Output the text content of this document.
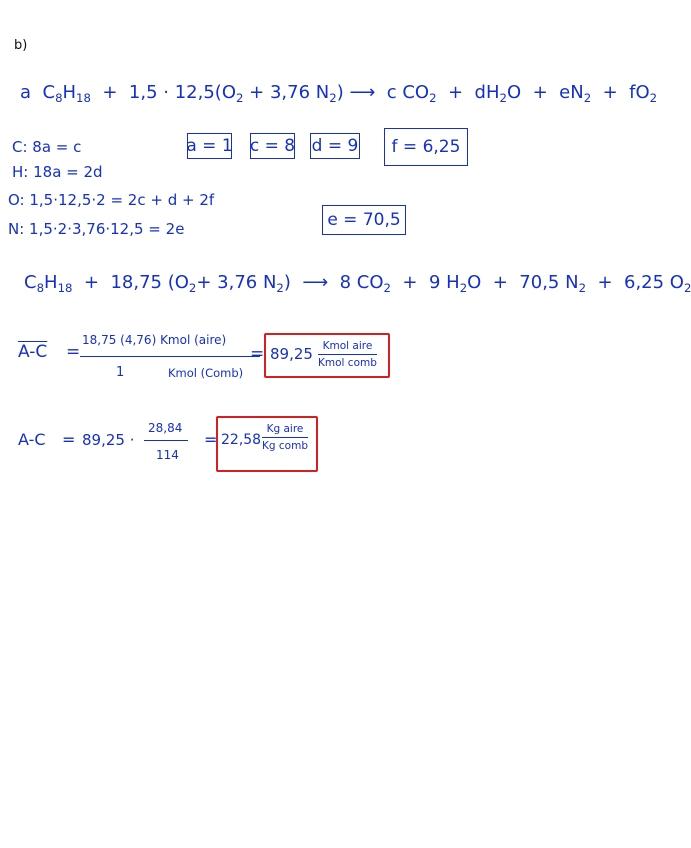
b)
a $C_8H_{18} + 1,5 \cdot 12,5(O_2 + 3,76$ $N_2$) ⟶ c $CO_2 + dH_2O + eN_2 + fO_2$
C: 8a = c
H: 18a = 2d
O: 1,5·12,5·2 = 2c + d + 2f
N: 1,5·2·3,76·12,5 = 2e
a = 1 c = 8 d = 9	f = 6,25
e = 70,5
$C_8H_{18} + 18,75$ ($O_2+ 3,76$ $N_2$) ⟶ 8 $CO_2 + 9$ $H_2O + 70,5$ $N_2 + 6,25$ $O_2$
A-C =
18,75 (4,76) Kmol (aire)
1	Kmol (Comb)
= 89,25 Kmol aire
Kmol comb
A-C = 89,25 ·
28,84
114
= 22,58
Kg aire
Kg comb
